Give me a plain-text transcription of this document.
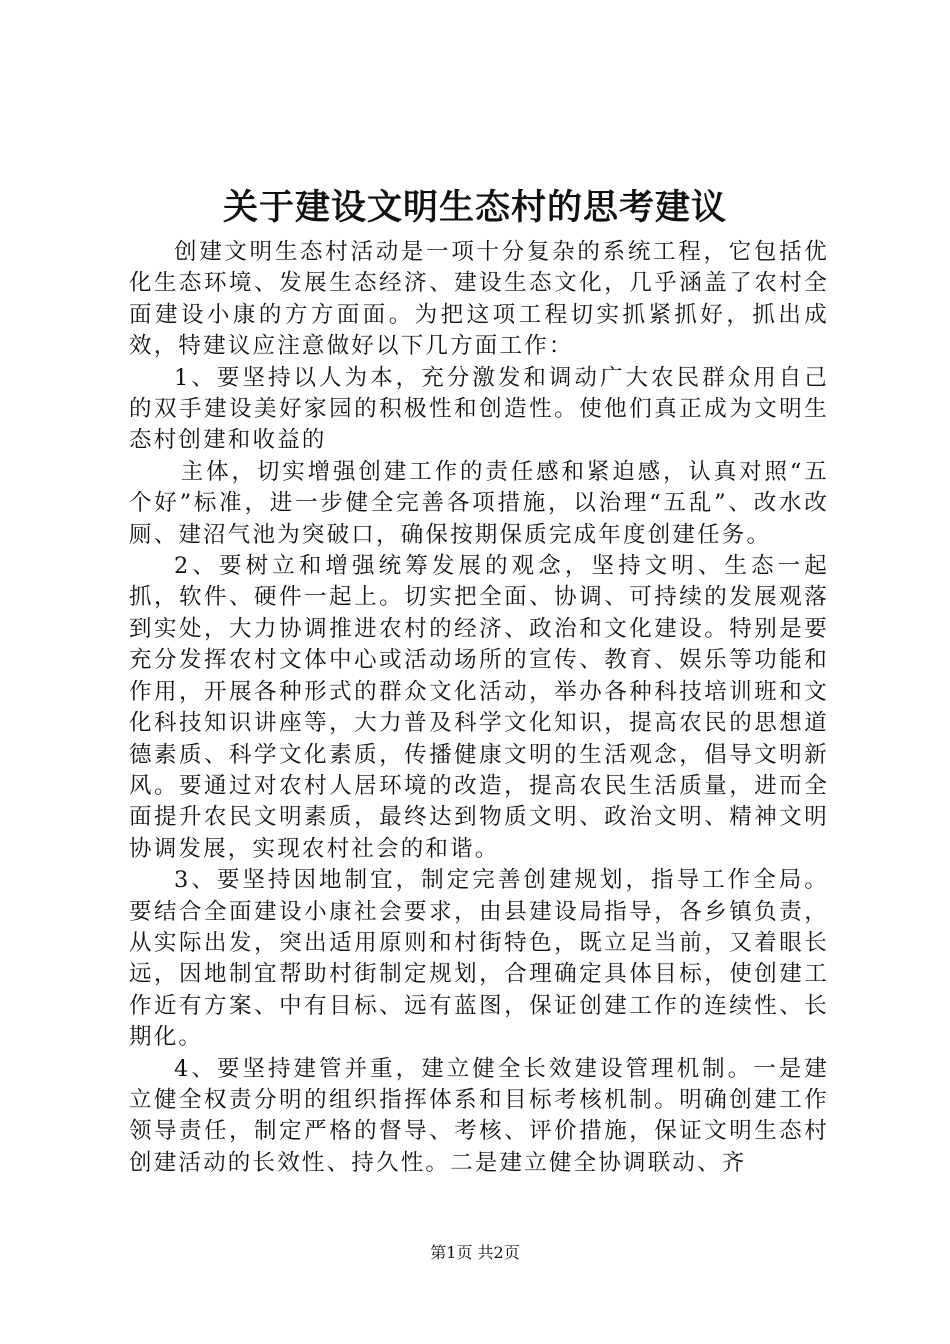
关于建设文明生态村的思考建议

创建文明生态村活动是一项十分复杂的系统工程，它包括优化生态环境、发展生态经济、建设生态文化，几乎涵盖了农村全面建设小康的方方面面。为把这项工程切实抓紧抓好，抓出成效，特建议应注意做好以下几方面工作：

1、要坚持以人为本，充分激发和调动广大农民群众用自己的双手建设美好家园的积极性和创造性。使他们真正成为文明生态村创建和收益的

主体，切实增强创建工作的责任感和紧迫感，认真对照“五个好”标准，进一步健全完善各项措施，以治理“五乱”、改水改厕、建沼气池为突破口，确保按期保质完成年度创建任务。

2、要树立和增强统筹发展的观念，坚持文明、生态一起抓，软件、硬件一起上。切实把全面、协调、可持续的发展观落到实处，大力协调推进农村的经济、政治和文化建设。特别是要充分发挥农村文体中心或活动场所的宣传、教育、娱乐等功能和作用，开展各种形式的群众文化活动，举办各种科技培训班和文化科技知识讲座等，大力普及科学文化知识，提高农民的思想道德素质、科学文化素质，传播健康文明的生活观念，倡导文明新风。要通过对农村人居环境的改造，提高农民生活质量，进而全面提升农民文明素质，最终达到物质文明、政治文明、精神文明协调发展，实现农村社会的和谐。

3、要坚持因地制宜，制定完善创建规划，指导工作全局。要结合全面建设小康社会要求，由县建设局指导，各乡镇负责，从实际出发，突出适用原则和村街特色，既立足当前，又着眼长远，因地制宜帮助村街制定规划，合理确定具体目标，使创建工作近有方案、中有目标、远有蓝图，保证创建工作的连续性、长期化。

4、要坚持建管并重，建立健全长效建设管理机制。一是建立健全权责分明的组织指挥体系和目标考核机制。明确创建工作领导责任，制定严格的督导、考核、评价措施，保证文明生态村创建活动的长效性、持久性。二是建立健全协调联动、齐

第1页 共2页
